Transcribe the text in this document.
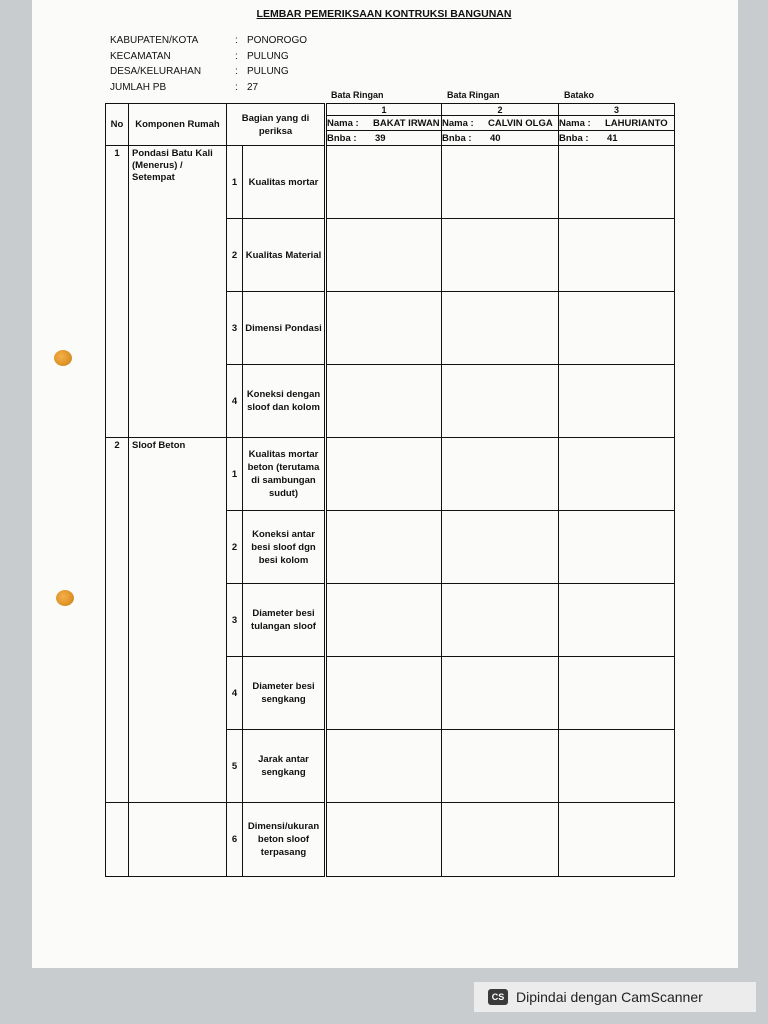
LEMBAR PEMERIKSAAN KONTRUKSI BANGUNAN
KABUPATEN/KOTA	: PONOROGO
KECAMATAN	: PULUNG
DESA/KELURAHAN	: PULUNG
JUMLAH PB	: 27
Bata Ringan	Bata Ringan	Batako
No	Komponen Rumah	Bagian yang di periksa		1	2	3
				Nama : BAKAT IRWAN	Nama : CALVIN OLGA	Nama : LAHURIANTO
				Bnba : 39	Bnba : 40	Bnba : 41
1	Pondasi Batu Kali (Menerus) / Setempat	1	Kualitas mortar	

		2	Kualitas Material	

		3	Dimensi Pondasi	

		4	Koneksi dengan sloof dan kolom	

2	Sloof Beton	1	Kualitas mortar beton (terutama di sambungan sudut)	

		2	Koneksi antar besi sloof dgn besi kolom	

		3	Diameter besi tulangan sloof	

		4	Diameter besi sengkang	

		5	Jarak antar sengkang	

		6	Dimensi/ukuran beton sloof terpasang	

CS Dipindai dengan CamScanner
